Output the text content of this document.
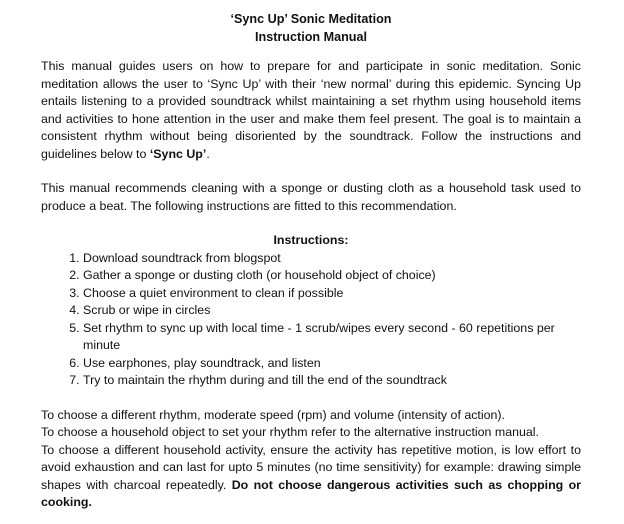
‘Sync Up’ Sonic Meditation
Instruction Manual

This manual guides users on how to prepare for and participate in sonic meditation. Sonic meditation allows the user to ‘Sync Up’ with their ‘new normal’ during this epidemic. Syncing Up entails listening to a provided soundtrack whilst maintaining a set rhythm using household items and activities to hone attention in the user and make them feel present. The goal is to maintain a consistent rhythm without being disoriented by the soundtrack. Follow the instructions and guidelines below to ‘Sync Up’.

This manual recommends cleaning with a sponge or dusting cloth as a household task used to produce a beat. The following instructions are fitted to this recommendation.

Instructions:
1. Download soundtrack from blogspot
2. Gather a sponge or dusting cloth (or household object of choice)
3. Choose a quiet environment to clean if possible
4. Scrub or wipe in circles
5. Set rhythm to sync up with local time - 1 scrub/wipes every second - 60 repetitions per minute
6. Use earphones, play soundtrack, and listen
7. Try to maintain the rhythm during and till the end of the soundtrack

To choose a different rhythm, moderate speed (rpm) and volume (intensity of action).

To choose a household object to set your rhythm refer to the alternative instruction manual.

To choose a different household activity, ensure the activity has repetitive motion, is low effort to avoid exhaustion and can last for upto 5 minutes (no time sensitivity) for example: drawing simple shapes with charcoal repeatedly. Do not choose dangerous activities such as chopping or cooking.
